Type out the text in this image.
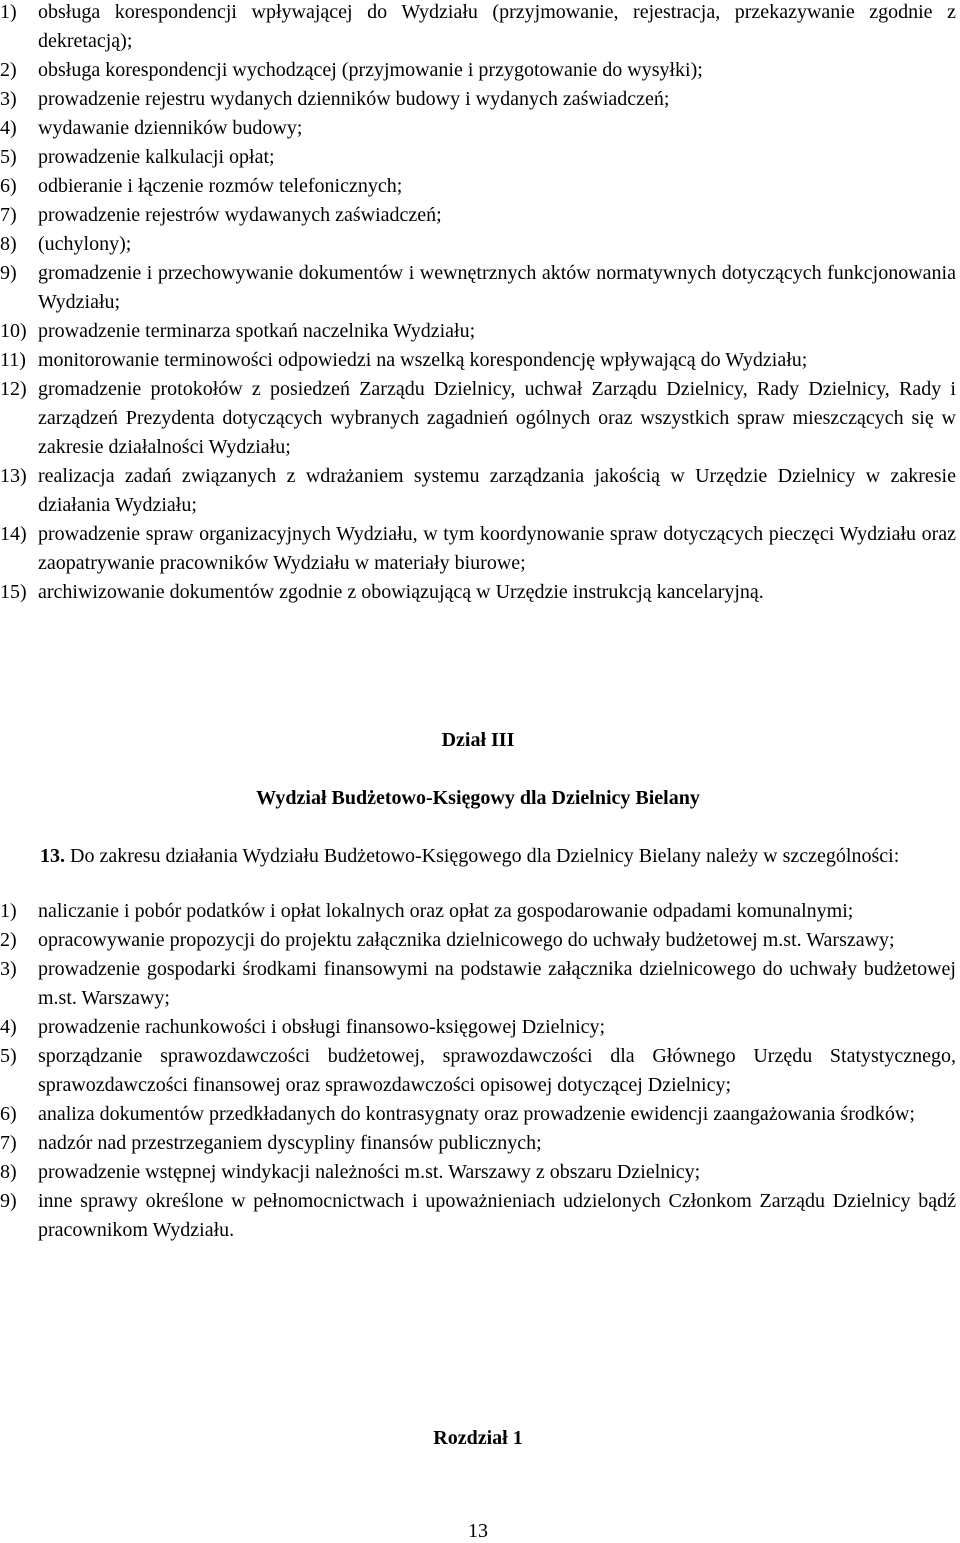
1)	obsługa korespondencji wpływającej do Wydziału (przyjmowanie, rejestracja, przekazywanie zgodnie z dekretacją);
2)	obsługa korespondencji wychodzącej (przyjmowanie i przygotowanie do wysyłki);
3)	prowadzenie rejestru wydanych dzienników budowy i wydanych zaświadczeń;
4)	wydawanie dzienników budowy;
5)	prowadzenie kalkulacji opłat;
6)	odbieranie i łączenie rozmów telefonicznych;
7)	prowadzenie rejestrów wydawanych zaświadczeń;
8)	(uchylony);
9)	gromadzenie i przechowywanie dokumentów i wewnętrznych aktów normatywnych dotyczących funkcjonowania Wydziału;
10) prowadzenie terminarza spotkań naczelnika Wydziału;
11) monitorowanie terminowości odpowiedzi na wszelką korespondencję wpływającą do Wydziału;
12) gromadzenie protokołów z posiedzeń Zarządu Dzielnicy, uchwał Zarządu Dzielnicy, Rady Dzielnicy, Rady i zarządzeń Prezydenta dotyczących wybranych zagadnień ogólnych oraz wszystkich spraw mieszczących się w zakresie działalności Wydziału;
13) realizacja zadań związanych z wdrażaniem systemu zarządzania jakością w Urzędzie Dzielnicy w zakresie działania Wydziału;
14) prowadzenie spraw organizacyjnych Wydziału, w tym koordynowanie spraw dotyczących pieczęci Wydziału oraz zaopatrywanie pracowników Wydziału w materiały biurowe;
15) archiwizowanie dokumentów zgodnie z obowiązującą w Urzędzie instrukcją kancelaryjną.
Dział III
Wydział Budżetowo-Księgowy dla Dzielnicy Bielany
13. Do zakresu działania Wydziału Budżetowo-Księgowego dla Dzielnicy Bielany należy w szczególności:
1)	naliczanie i pobór podatków i opłat lokalnych oraz opłat za gospodarowanie odpadami komunalnymi;
2)	opracowywanie propozycji do projektu załącznika dzielnicowego do uchwały budżetowej m.st. Warszawy;
3)	prowadzenie gospodarki środkami finansowymi na podstawie załącznika dzielnicowego do uchwały budżetowej m.st. Warszawy;
4)	prowadzenie rachunkowości i obsługi finansowo-księgowej Dzielnicy;
5)	sporządzanie sprawozdawczości budżetowej, sprawozdawczości dla Głównego Urzędu Statystycznego, sprawozdawczości finansowej oraz sprawozdawczości opisowej dotyczącej Dzielnicy;
6)	analiza dokumentów przedkładanych do kontrasygnaty oraz prowadzenie ewidencji zaangażowania środków;
7)	nadzór nad przestrzeganiem dyscypliny finansów publicznych;
8)	prowadzenie wstępnej windykacji należności m.st. Warszawy z obszaru Dzielnicy;
9)	inne sprawy określone w pełnomocnictwach i upoważnieniach udzielonych Członkom Zarządu Dzielnicy bądź pracownikom Wydziału.
Rozdział 1
13
